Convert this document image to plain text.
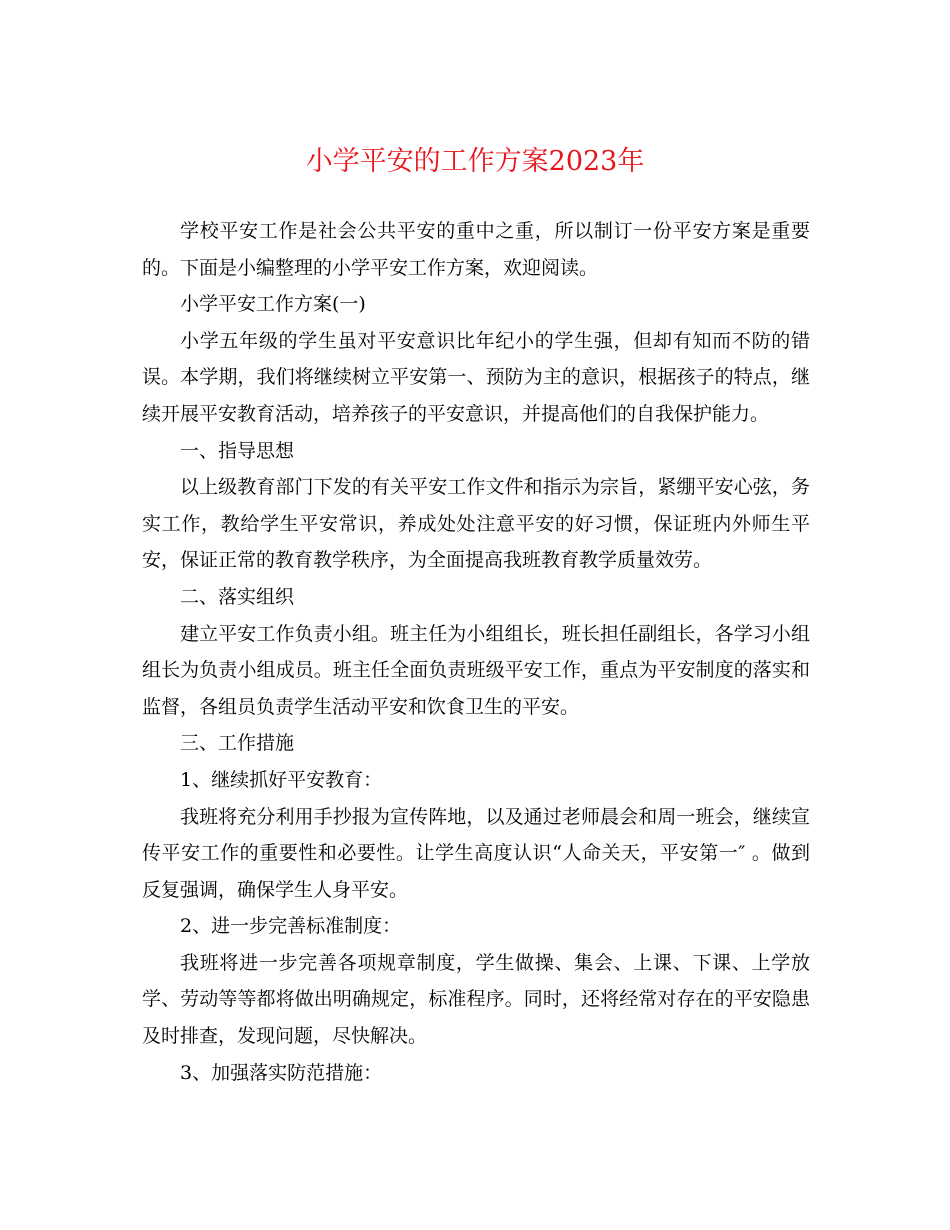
小学平安的工作方案2023年

学校平安工作是社会公共平安的重中之重，所以制订一份平安方案是重要的。下面是小编整理的小学平安工作方案，欢迎阅读。

小学平安工作方案(一)

小学五年级的学生虽对平安意识比年纪小的学生强，但却有知而不防的错误。本学期，我们将继续树立平安第一、预防为主的意识，根据孩子的特点，继续开展平安教育活动，培养孩子的平安意识，并提高他们的自我保护能力。

一、指导思想

以上级教育部门下发的有关平安工作文件和指示为宗旨，紧绷平安心弦，务实工作，教给学生平安常识，养成处处注意平安的好习惯，保证班内外师生平安，保证正常的教育教学秩序，为全面提高我班教育教学质量效劳。

二、落实组织

建立平安工作负责小组。班主任为小组组长，班长担任副组长，各学习小组组长为负责小组成员。班主任全面负责班级平安工作，重点为平安制度的落实和监督，各组员负责学生活动平安和饮食卫生的平安。

三、工作措施

1、继续抓好平安教育：

我班将充分利用手抄报为宣传阵地，以及通过老师晨会和周一班会，继续宣传平安工作的重要性和必要性。让学生高度认识“人命关天，平安第一″ 。做到反复强调，确保学生人身平安。

2、进一步完善标准制度：

我班将进一步完善各项规章制度，学生做操、集会、上课、下课、上学放学、劳动等等都将做出明确规定，标准程序。同时，还将经常对存在的平安隐患及时排查，发现问题，尽快解决。

3、加强落实防范措施：
